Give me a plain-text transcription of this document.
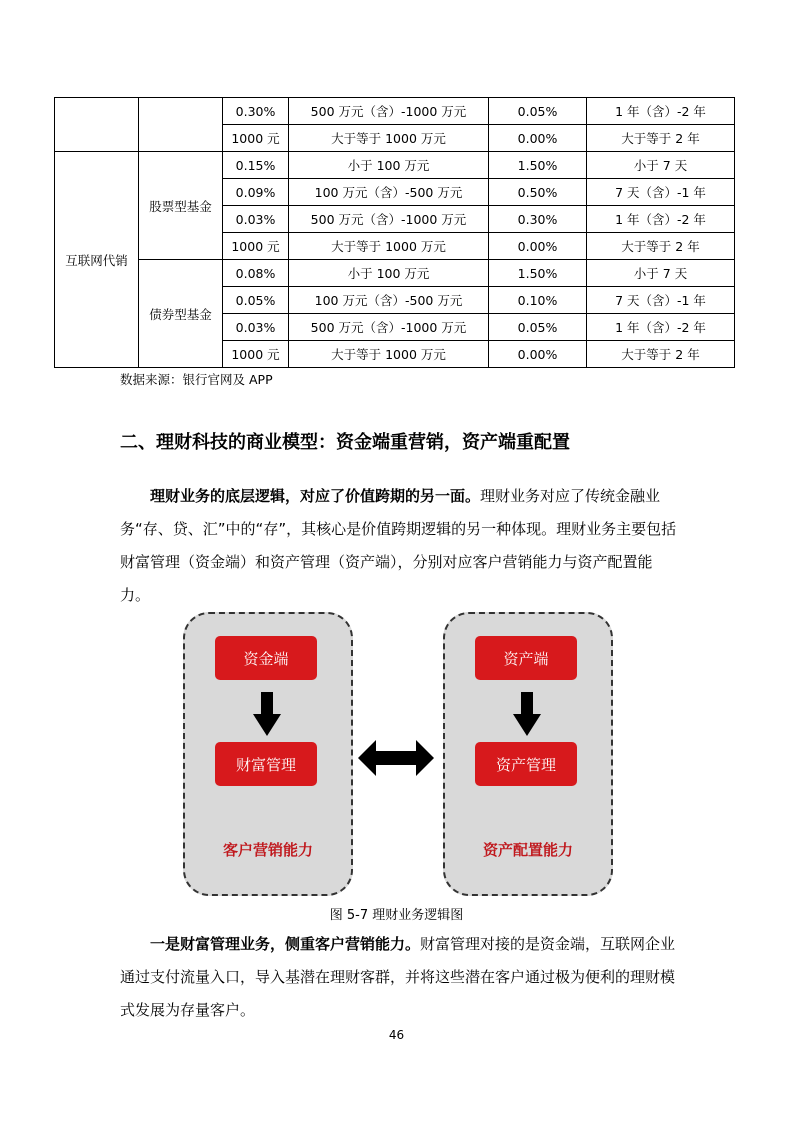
		0.30%	500 万元（含）-1000 万元	0.05%	1 年（含）-2 年
		1000 元	大于等于 1000 万元	0.00%	大于等于 2 年
互联网代销	股票型基金	0.15%	小于 100 万元	1.50%	小于 7 天
		0.09%	100 万元（含）-500 万元	0.50%	7 天（含）-1 年
		0.03%	500 万元（含）-1000 万元	0.30%	1 年（含）-2 年
		1000 元	大于等于 1000 万元	0.00%	大于等于 2 年
	债券型基金	0.08%	小于 100 万元	1.50%	小于 7 天
		0.05%	100 万元（含）-500 万元	0.10%	7 天（含）-1 年
		0.03%	500 万元（含）-1000 万元	0.05%	1 年（含）-2 年
		1000 元	大于等于 1000 万元	0.00%	大于等于 2 年
数据来源：银行官网及 APP
二、理财科技的商业模型：资金端重营销，资产端重配置

理财业务的底层逻辑，对应了价值跨期的另一面。理财业务对应了传统金融业务“存、贷、汇”中的“存”，其核心是价值跨期逻辑的另一种体现。理财业务主要包括财富管理（资金端）和资产管理（资产端），分别对应客户营销能力与资产配置能力。

资金端
财富管理
客户营销能力
资产端
资产管理
资产配置能力
图 5-7 理财业务逻辑图

一是财富管理业务，侧重客户营销能力。财富管理对接的是资金端，互联网企业通过支付流量入口，导入基潜在理财客群，并将这些潜在客户通过极为便利的理财模式发展为存量客户。

46
